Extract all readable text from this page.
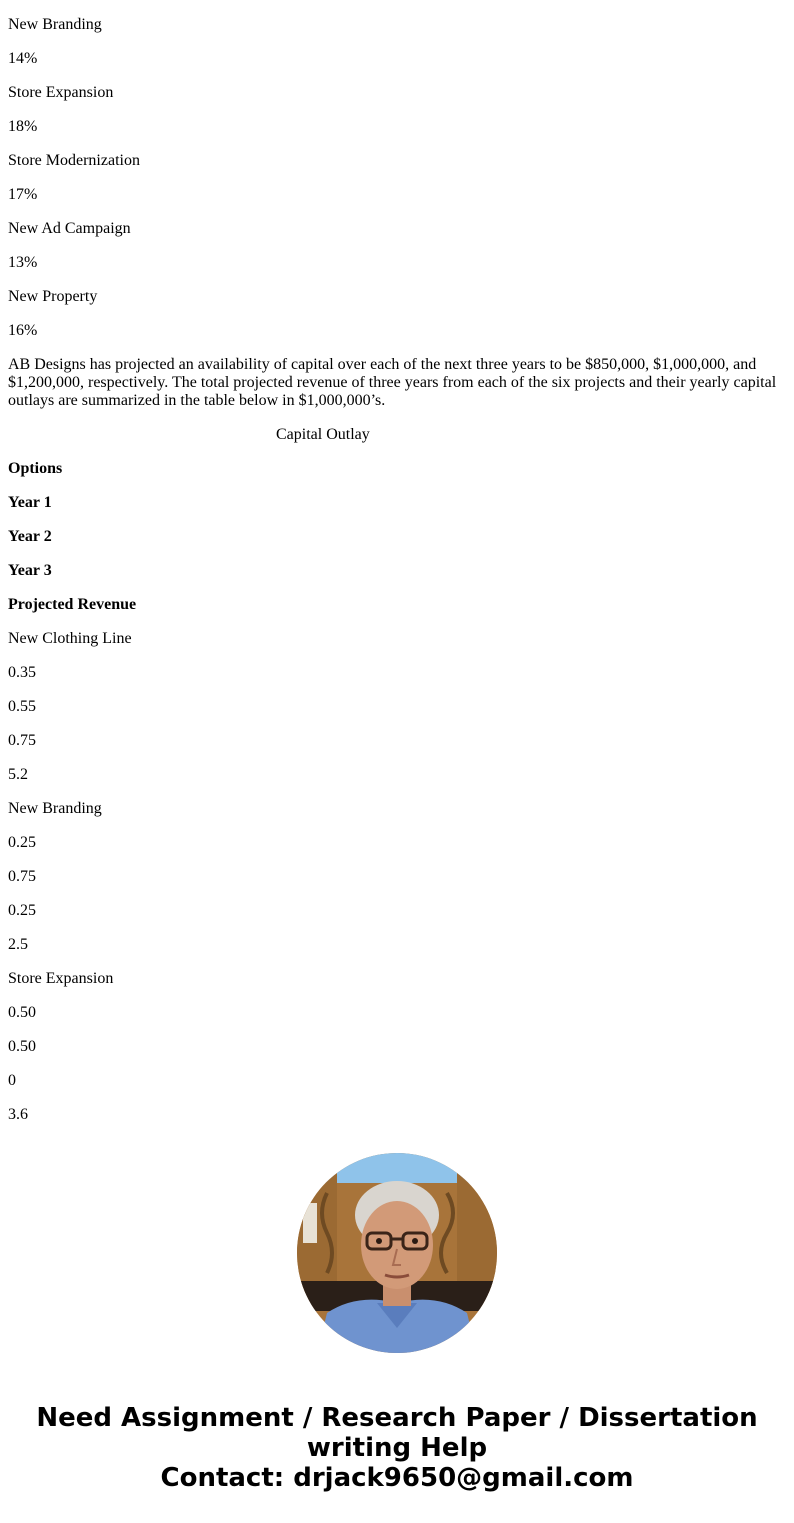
New Branding

14%

Store Expansion

18%

Store Modernization

17%

New Ad Campaign

13%

New Property

16%

AB Designs has projected an availability of capital over each of the next three years to be $850,000, $1,000,000, and $1,200,000, respectively. The total projected revenue of three years from each of the six projects and their yearly capital outlays are summarized in the table below in $1,000,000’s.

Capital Outlay

Options

Year 1

Year 2

Year 3

Projected Revenue

New Clothing Line

0.35

0.55

0.75

5.2

New Branding

0.25

0.75

0.25

2.5

Store Expansion

0.50

0.50

0

3.6

Need Assignment / Research Paper / Dissertation
writing Help
Contact: drjack9650@gmail.com
